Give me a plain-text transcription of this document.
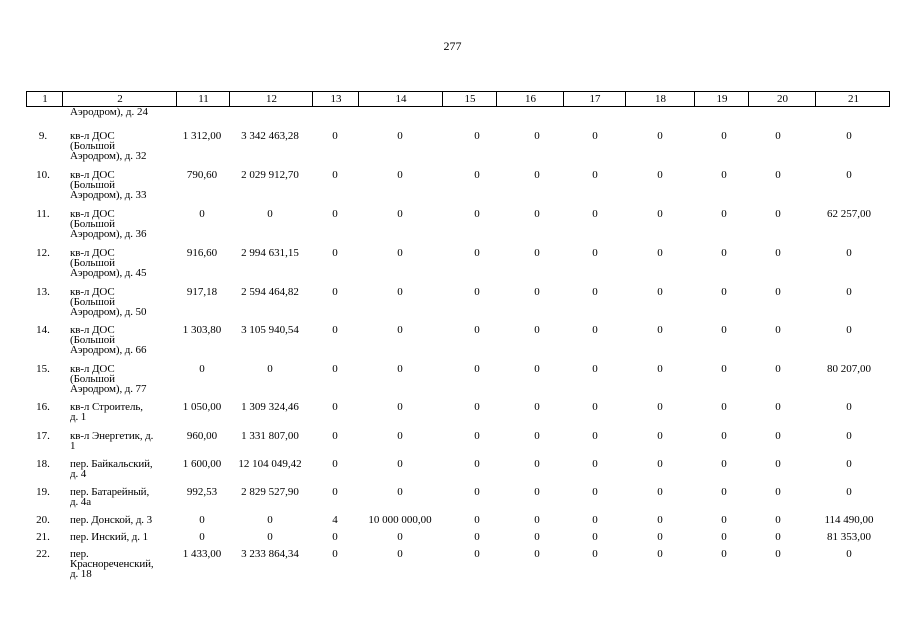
277
1	2	11	12	13	14	15	16	17	18	19	20	21
Аэродром), д. 24
9.	кв-л ДОС
(Большой
Аэродром), д. 32
1 312,00	3 342 463,28	0	0	0	0	0	0	0	0	0
10.	кв-л ДОС
(Большой
Аэродром), д. 33
790,60	2 029 912,70	0	0	0	0	0	0	0	0	0
11.	кв-л ДОС
(Большой
Аэродром), д. 36
0	0	0	0	0	0	0	0	0	0	62 257,00
12.	кв-л ДОС
(Большой
Аэродром), д. 45
916,60	2 994 631,15	0	0	0	0	0	0	0	0	0
13.	кв-л ДОС
(Большой
Аэродром), д. 50
917,18	2 594 464,82	0	0	0	0	0	0	0	0	0
14.	кв-л ДОС
(Большой
Аэродром), д. 66
1 303,80	3 105 940,54	0	0	0	0	0	0	0	0	0
15.	кв-л ДОС
(Большой
Аэродром), д. 77
0	0	0	0	0	0	0	0	0	0	80 207,00
16.	кв-л Строитель,
д. 1
1 050,00	1 309 324,46	0	0	0	0	0	0	0	0	0
17.	кв-л Энергетик, д.
1
960,00	1 331 807,00	0	0	0	0	0	0	0	0	0
18.	пер. Байкальский,
д. 4
1 600,00	12 104 049,42	0	0	0	0	0	0	0	0	0
19.	пер. Батарейный,
д. 4а
992,53	2 829 527,90	0	0	0	0	0	0	0	0	0
20.	пер. Донской, д. 3	0	0	4	10 000 000,00	0	0	0	0	0	0	114 490,00
21.	пер. Инский, д. 1	0	0	0	0	0	0	0	0	0	0	81 353,00
22.	пер.
Краснореченский,
д. 18
1 433,00	3 233 864,34	0	0	0	0	0	0	0	0	0
